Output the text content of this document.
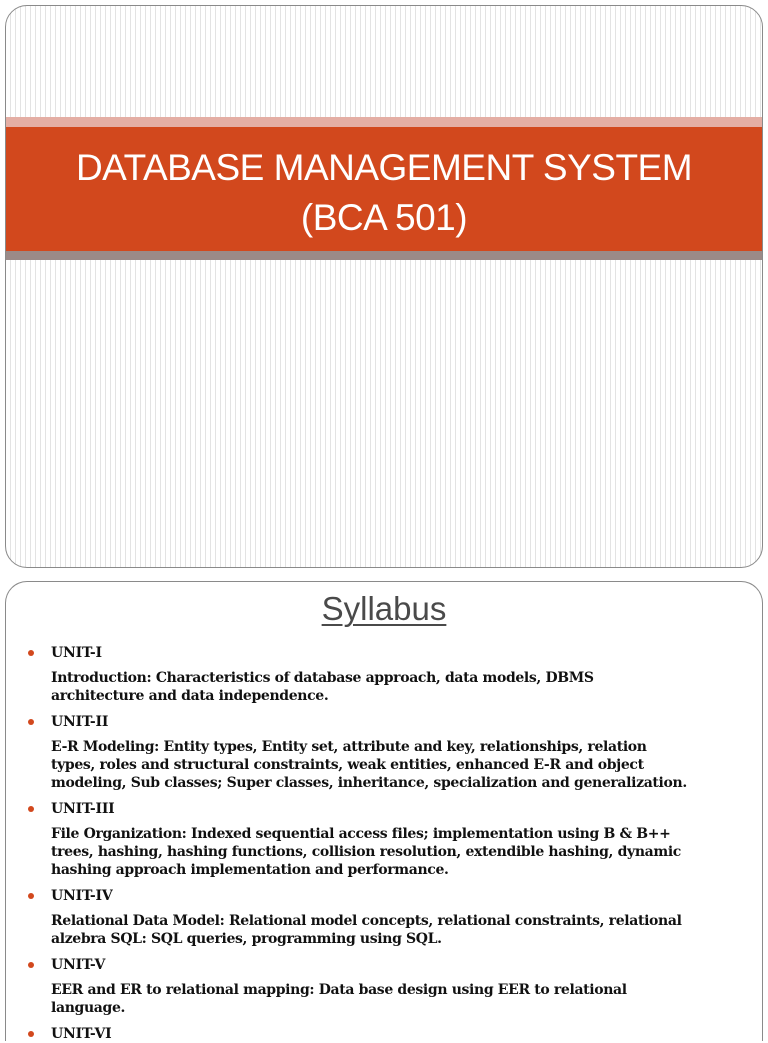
DATABASE MANAGEMENT SYSTEM
(BCA 501)
Syllabus
UNIT-I
Introduction: Characteristics of database approach, data models, DBMS
architecture and data independence.
UNIT-II
E-R Modeling: Entity types, Entity set, attribute and key, relationships, relation
types, roles and structural constraints, weak entities, enhanced E-R and object
modeling, Sub classes; Super classes, inheritance, specialization and generalization.
UNIT-III
File Organization: Indexed sequential access files; implementation using B & B++
trees, hashing, hashing functions, collision resolution, extendible hashing, dynamic
hashing approach implementation and performance.
UNIT-IV
Relational Data Model: Relational model concepts, relational constraints, relational
alzebra SQL: SQL queries, programming using SQL.
UNIT-V
EER and ER to relational mapping: Data base design using EER to relational
language.
UNIT-VI
